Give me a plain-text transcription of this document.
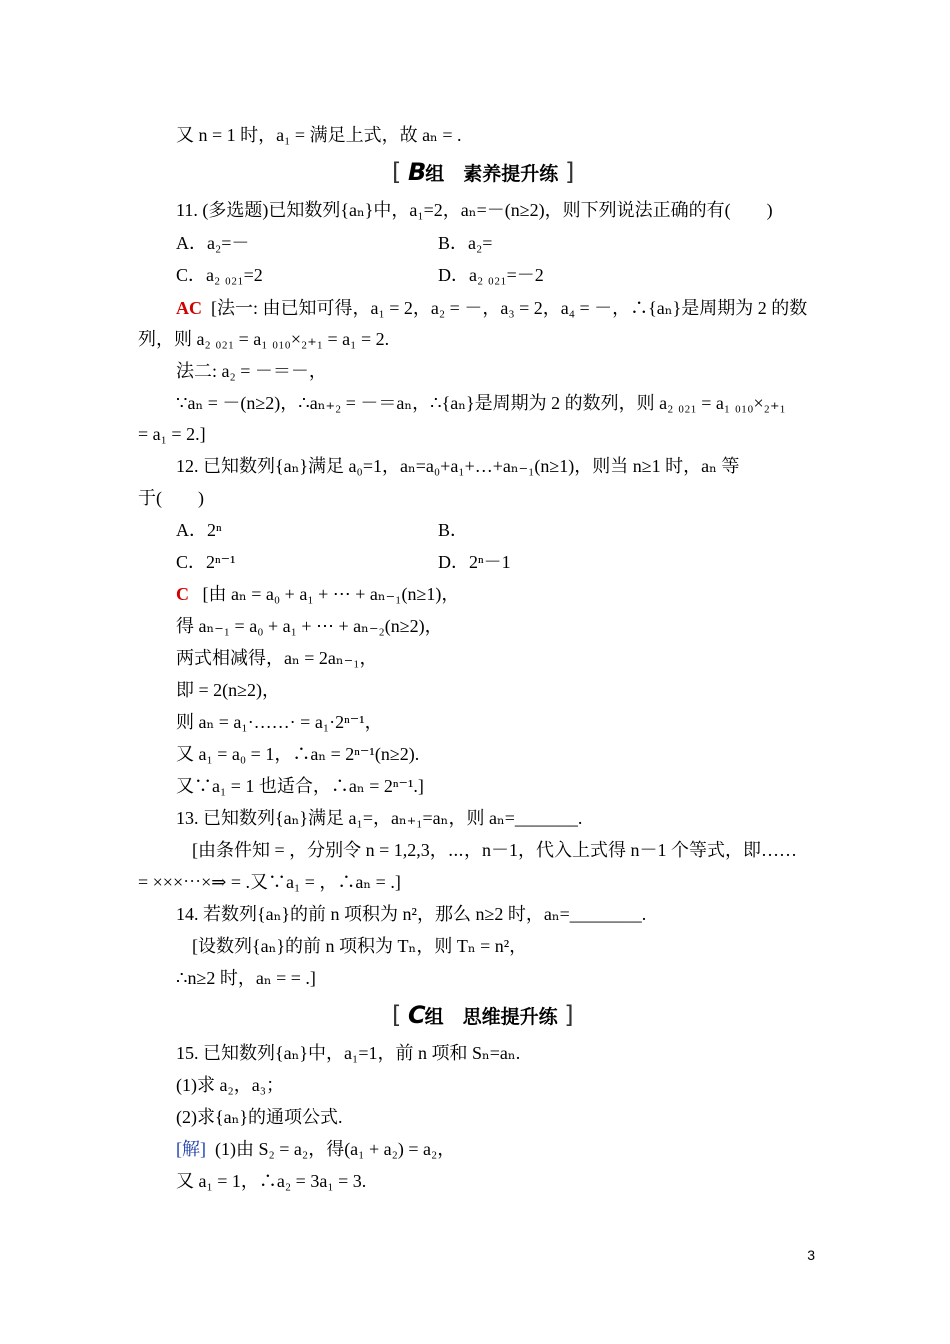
又 n = 1 时，a₁ = 满足上式，故 aₙ = .
[ B组　素养提升练 ]
11. (多选题)已知数列{aₙ}中，a₁=2，aₙ=－(n≥2)，则下列说法正确的有(　　)
A．a₂=－	B．a₂=
C．a₂ ₀₂₁=2	D．a₂ ₀₂₁=－2
AC [法一: 由已知可得，a₁ = 2，a₂ = －，a₃ = 2，a₄ = －，∴{aₙ}是周期为 2 的数
列，则 a₂ ₀₂₁ = a₁ ₀₁₀×₂₊₁ = a₁ = 2.
法二: a₂ = －＝－，
∵aₙ = －(n≥2)，∴aₙ₊₂ = －＝aₙ，∴{aₙ}是周期为 2 的数列，则 a₂ ₀₂₁ = a₁ ₀₁₀×₂₊₁
= a₁ = 2.]
12. 已知数列{aₙ}满足 a₀=1，aₙ=a₀+a₁+…+aₙ₋₁(n≥1)，则当 n≥1 时，aₙ 等
于(　　)
A．2ⁿ	B．
C．2ⁿ⁻¹	D．2ⁿ－1
C [由 aₙ = a₀ + a₁ + ⋯ + aₙ₋₁(n≥1)，
得 aₙ₋₁ = a₀ + a₁ + ⋯ + aₙ₋₂(n≥2)，
两式相减得，aₙ = 2aₙ₋₁，
即 = 2(n≥2)，
则 aₙ = a₁·……· = a₁·2ⁿ⁻¹，
又 a₁ = a₀ = 1，∴aₙ = 2ⁿ⁻¹(n≥2).
又∵a₁ = 1 也适合，∴aₙ = 2ⁿ⁻¹.]
13. 已知数列{aₙ}满足 a₁=，aₙ₊₁=aₙ，则 aₙ=_______.
[由条件知 = ，分别令 n = 1,2,3，⋯，n－1，代入上式得 n－1 个等式，即……
= ×××⋯×⇒ = .又∵a₁ = ，∴aₙ = .]
14. 若数列{aₙ}的前 n 项积为 n²，那么 n≥2 时，aₙ=________.
[设数列{aₙ}的前 n 项积为 Tₙ，则 Tₙ = n²，
∴n≥2 时，aₙ = = .]
[ C组　思维提升练 ]
15. 已知数列{aₙ}中，a₁=1，前 n 项和 Sₙ=aₙ.
(1)求 a₂，a₃；
(2)求{aₙ}的通项公式.
[解] (1)由 S₂ = a₂，得(a₁ + a₂) = a₂，
又 a₁ = 1，∴a₂ = 3a₁ = 3.
3
